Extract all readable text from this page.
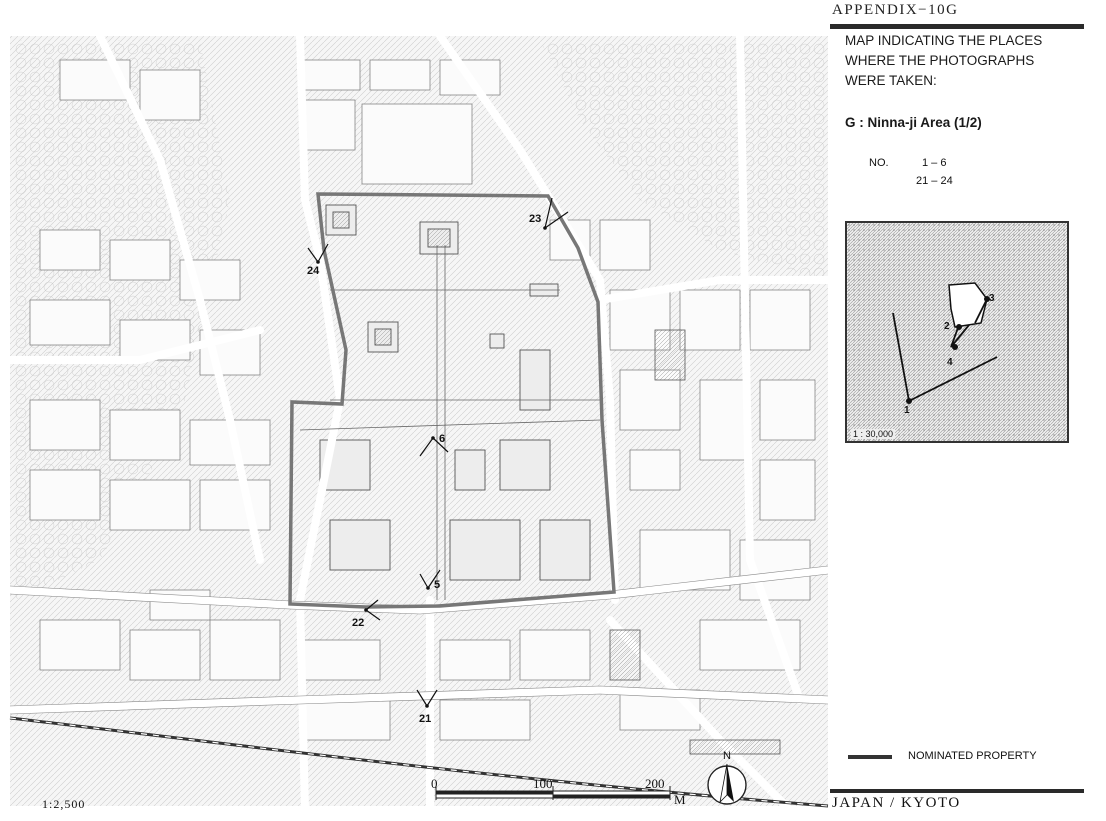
24
23
6
5
22
21
APPENDIX−10G
MAP INDICATING THE PLACES
WHERE THE PHOTOGRAPHS
WERE TAKEN:
G : Ninna-ji Area (1/2)
NO.	1 – 6
21 – 24
1
2
3
4
1 : 30,000
NOMINATED PROPERTY
JAPAN / KYOTO
1:2,500
0	100	200
M
N
